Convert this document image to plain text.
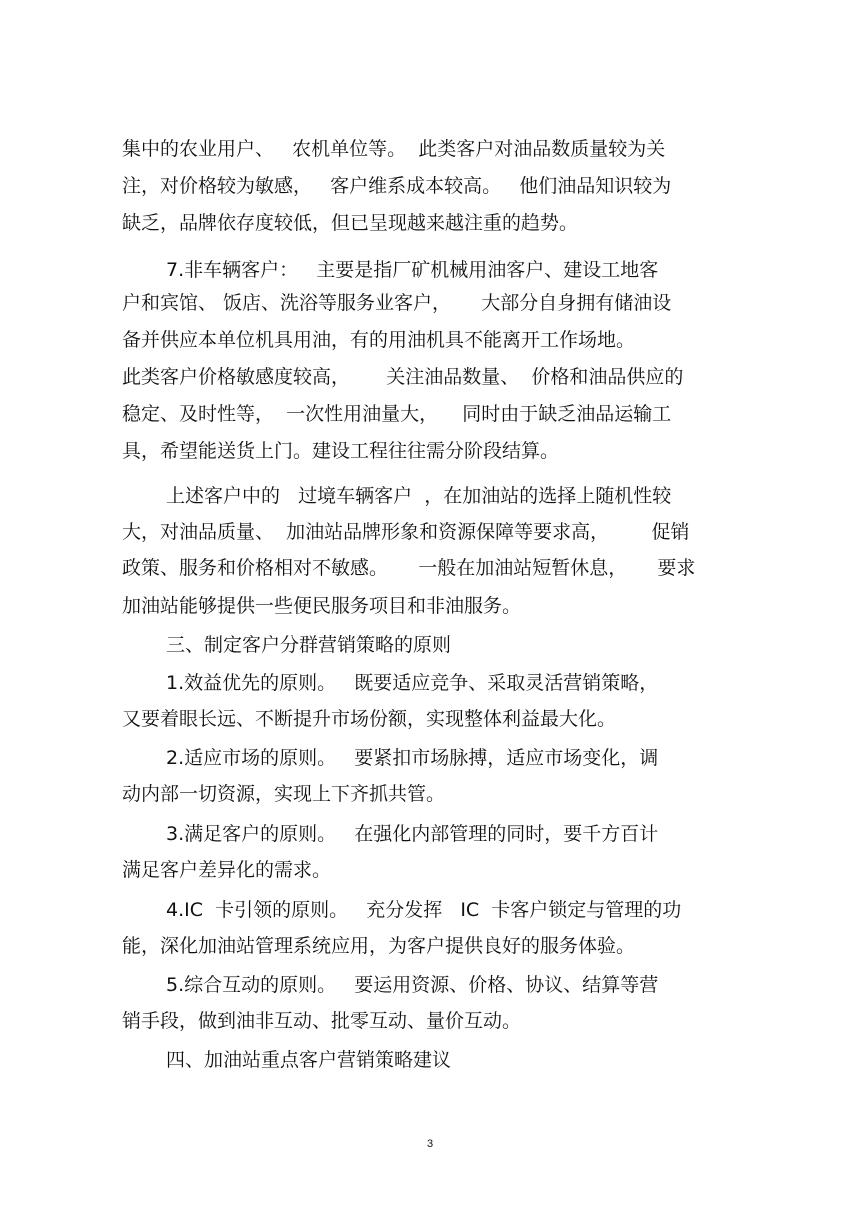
集中的农业用户、   农机单位等。  此类客户对油品数质量较为关
注，对价格较为敏感，   客户维系成本较高。   他们油品知识较为
缺乏，品牌依存度较低，但已呈现越来越注重的趋势。
7.非车辆客户：   主要是指厂矿机械用油客户、建设工地客
户和宾馆、 饭店、洗浴等服务业客户，     大部分自身拥有储油设
备并供应本单位机具用油，有的用油机具不能离开工作场地。
此类客户价格敏感度较高，      关注油品数量、  价格和油品供应的
稳定、及时性等，  一次性用油量大，    同时由于缺乏油品运输工
具，希望能送货上门。建设工程往往需分阶段结算。
上述客户中的   过境车辆客户  ，在加油站的选择上随机性较
大，对油品质量、  加油站品牌形象和资源保障等要求高，       促销
政策、服务和价格相对不敏感。     一般在加油站短暂休息，     要求
加油站能够提供一些便民服务项目和非油服务。
三、制定客户分群营销策略的原则
1.效益优先的原则。   既要适应竞争、采取灵活营销策略，
又要着眼长远、不断提升市场份额，实现整体利益最大化。
2.适应市场的原则。   要紧扣市场脉搏，适应市场变化，调
动内部一切资源，实现上下齐抓共管。
3.满足客户的原则。   在强化内部管理的同时，要千方百计
满足客户差异化的需求。
4.IC  卡引领的原则。   充分发挥   IC  卡客户锁定与管理的功
能，深化加油站管理系统应用，为客户提供良好的服务体验。
5.综合互动的原则。   要运用资源、价格、协议、结算等营
销手段，做到油非互动、批零互动、量价互动。
四、加油站重点客户营销策略建议
3
